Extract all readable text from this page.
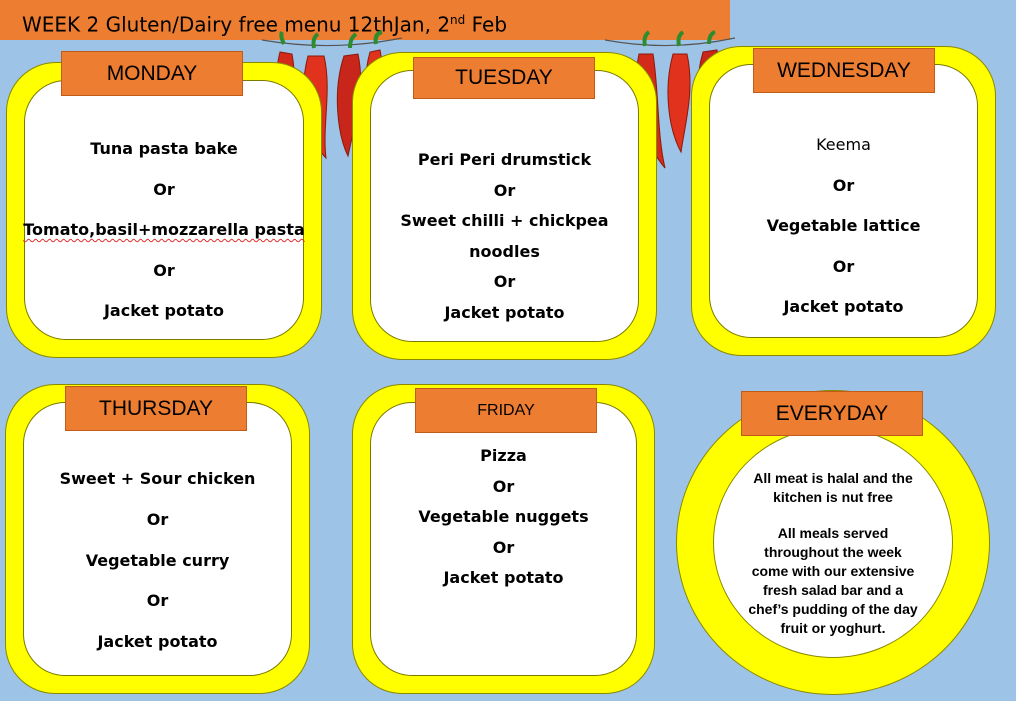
WEEK 2 Gluten/Dairy free menu 12thJan, 2nd Feb
Tuna pasta bake
Or
Tomato,basil+mozzarella pasta
Or
Jacket potato
MONDAY
Peri Peri drumstick
Or
Sweet chilli + chickpea
noodles
Or
Jacket potato
TUESDAY
Keema
Or
Vegetable lattice
Or
Jacket potato
WEDNESDAY
Sweet + Sour chicken
Or
Vegetable curry
Or
Jacket potato
THURSDAY
Pizza
Or
Vegetable nuggets
Or
Jacket potato
FRIDAY	EVERYDAY
All meat is halal and the kitchen is nut free
All meals served throughout the week come with our extensive fresh salad bar and a chef’s pudding of the day fruit or yoghurt.
